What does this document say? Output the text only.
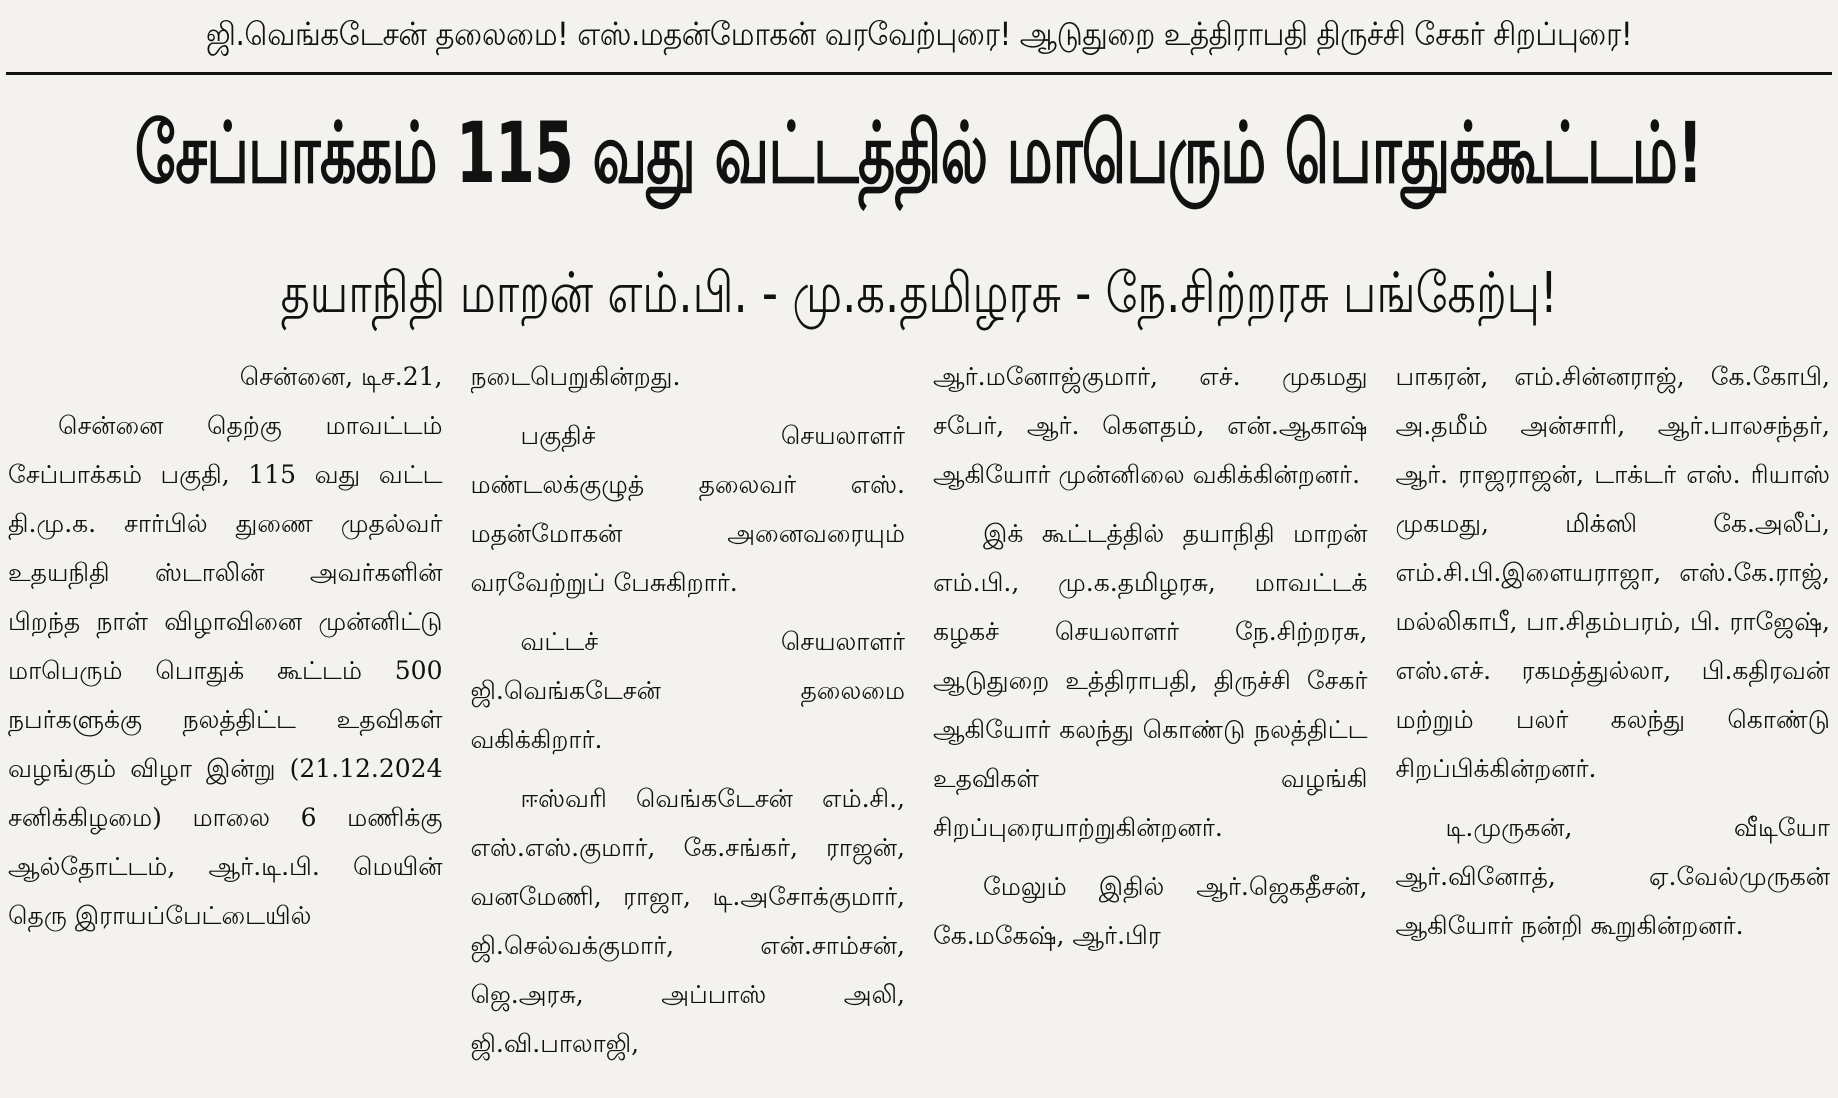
ஜி.வெங்கடேசன் தலைமை! எஸ்.மதன்மோகன் வரவேற்புரை! ஆடுதுறை உத்திராபதி திருச்சி சேகர் சிறப்புரை!
சேப்பாக்கம் 115 வது வட்டத்தில் மாபெரும் பொதுக்கூட்டம்!
தயாநிதி மாறன் எம்.பி. - மு.க.தமிழரசு - நே.சிற்றரசு பங்கேற்பு!

சென்னை, டிச.21,

சென்னை தெற்கு மாவட்டம் சேப்பாக்கம் பகுதி, 115 வது வட்ட தி.மு.க. சார்பில் துணை முதல்வர் உதயநிதி ஸ்டாலின் அவர்களின் பிறந்த நாள் விழாவினை முன்னிட்டு மாபெரும் பொதுக் கூட்டம் 500 நபர்களுக்கு நலத்திட்ட உதவிகள் வழங்கும் விழா இன்று (21.12.2024 சனிக்கிழமை) மாலை 6 மணிக்கு ஆல்தோட்டம், ஆர்.டி.பி. மெயின் தெரு இராயப்பேட்டையில்

நடைபெறுகின்றது.

பகுதிச் செயலாளர் மண்டலக்குழுத் தலைவர் எஸ். மதன்மோகன் அனைவரையும் வரவேற்றுப் பேசுகிறார்.

வட்டச் செயலாளர் ஜி.வெங்கடேசன் தலைமை வகிக்கிறார்.

ஈஸ்வரி வெங்கடேசன் எம்.சி., எஸ்.எஸ்.குமார், கே.சங்கர், ராஜன், வனமேணி, ராஜா, டி.அசோக்குமார், ஜி.செல்வக்குமார், என்.சாம்சன், ஜெ.அரசு, அப்பாஸ் அலி, ஜி.வி.பாலாஜி,

ஆர்.மனோஜ்குமார், எச். முகமது சபேர், ஆர். கௌதம், என்.ஆகாஷ் ஆகியோர் முன்னிலை வகிக்கின்றனர்.

இக் கூட்டத்தில் தயாநிதி மாறன் எம்.பி., மு.க.தமிழரசு, மாவட்டக் கழகச் செயலாளர் நே.சிற்றரசு, ஆடுதுறை உத்திராபதி, திருச்சி சேகர் ஆகியோர் கலந்து கொண்டு நலத்திட்ட உதவிகள் வழங்கி சிறப்புரையாற்றுகின்றனர்.

மேலும் இதில் ஆர்.ஜெகதீசன், கே.மகேஷ், ஆர்.பிர

பாகரன், எம்.சின்னராஜ், கே.கோபி, அ.தமீம் அன்சாரி, ஆர்.பாலசந்தர், ஆர். ராஜராஜன், டாக்டர் எஸ். ரியாஸ் முகமது, மிக்ஸி கே.அலீப், எம்.சி.பி.இளையராஜா, எஸ்.கே.ராஜ், மல்லிகாபீ, பா.சிதம்பரம், பி. ராஜேஷ், எஸ்.எச். ரகமத்துல்லா, பி.கதிரவன் மற்றும் பலர் கலந்து கொண்டு சிறப்பிக்கின்றனர்.

டி.முருகன், வீடியோ ஆர்.வினோத், ஏ.வேல்முருகன் ஆகியோர் நன்றி கூறுகின்றனர்.
